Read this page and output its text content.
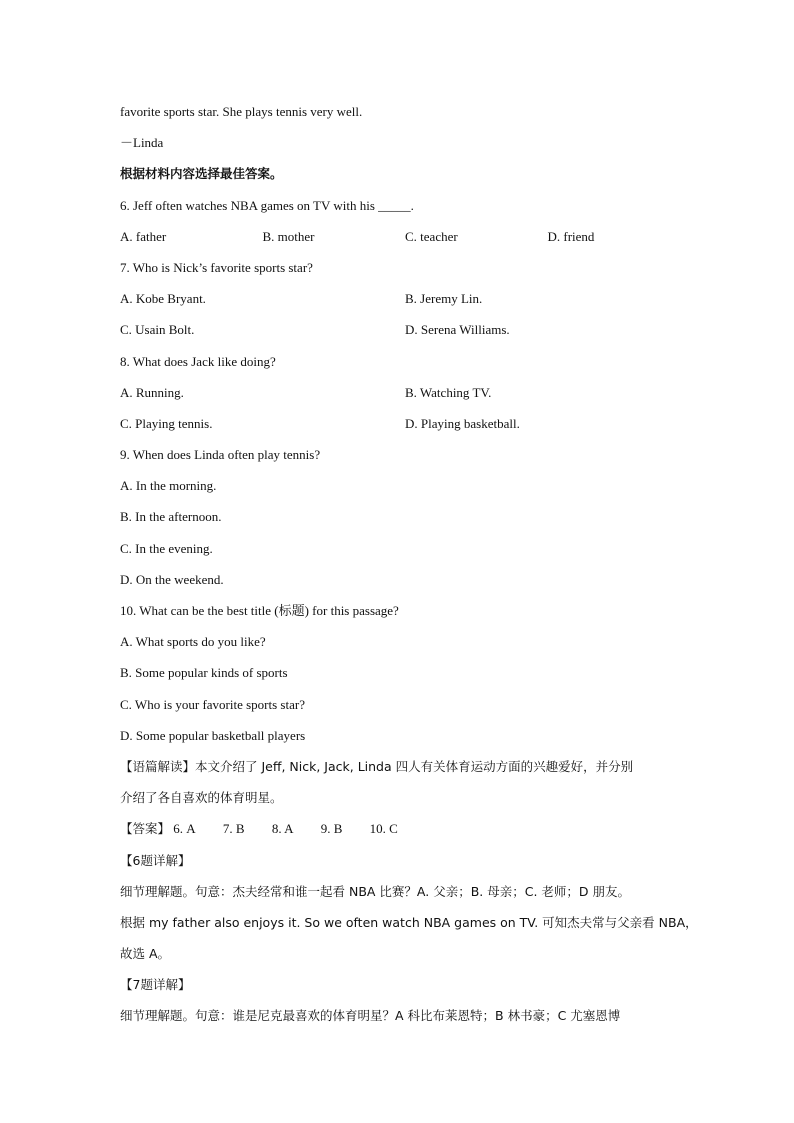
favorite sports star. She plays tennis very well.
－Linda
根据材料内容选择最佳答案。
6. Jeff often watches NBA games on TV with his _____.
A. father	B. mother	C. teacher	D. friend
7. Who is Nick’s favorite sports star?
A. Kobe Bryant.	B. Jeremy Lin.
C. Usain Bolt.	D. Serena Williams.
8. What does Jack like doing?
A. Running.	B. Watching TV.
C. Playing tennis.	D. Playing basketball.
9. When does Linda often play tennis?
A. In the morning.
B. In the afternoon.
C. In the evening.
D. On the weekend.
10. What can be the best title (标题) for this passage?
A. What sports do you like?
B. Some popular kinds of sports
C. Who is your favorite sports star?
D. Some popular basketball players
【语篇解读】本文介绍了 Jeff, Nick, Jack, Linda 四人有关体育运动方面的兴趣爱好，并分别
介绍了各自喜欢的体育明星。
【答案】 6. A 7. B 8. A 9. B 10. C
【6题详解】
细节理解题。句意：杰夫经常和谁一起看 NBA 比赛？A. 父亲；B. 母亲；C. 老师；D 朋友。
根据 my father also enjoys it. So we often watch NBA games on TV. 可知杰夫常与父亲看 NBA，
故选 A。
【7题详解】
细节理解题。句意：谁是尼克最喜欢的体育明星？A 科比布莱恩特；B 林书豪；C 尤塞恩博
